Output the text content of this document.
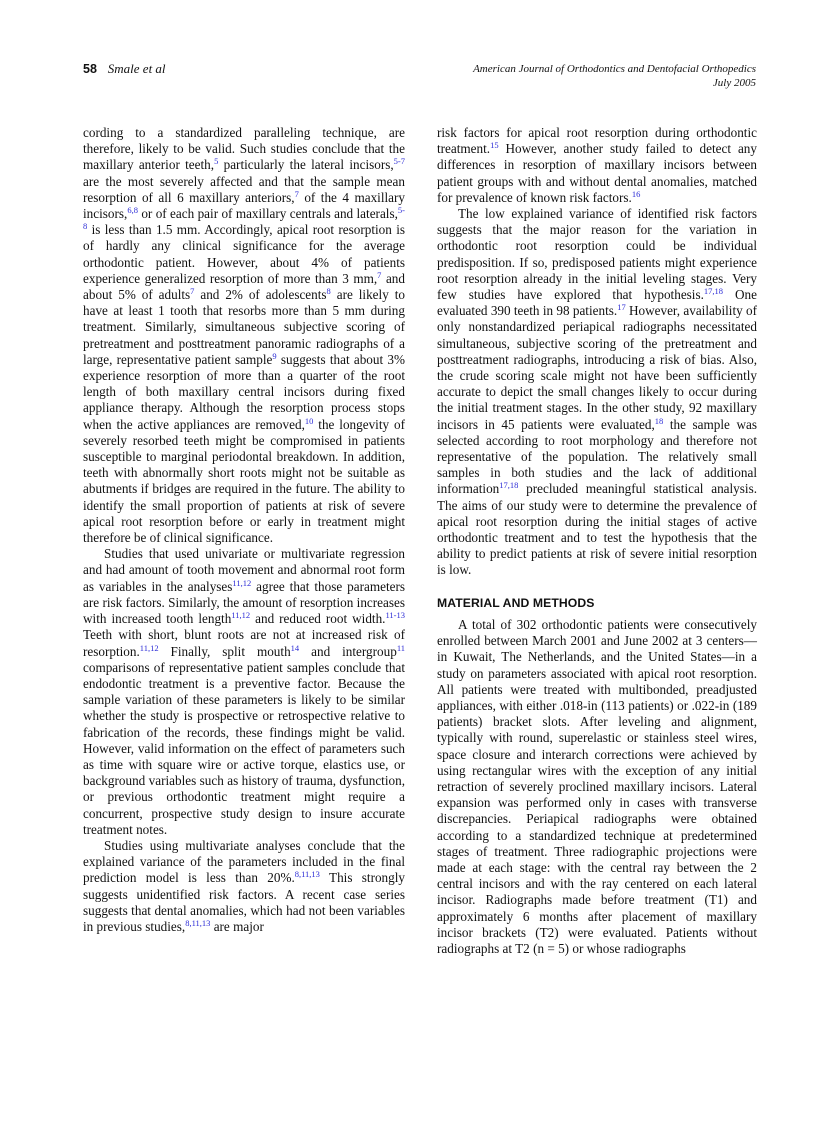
58 Smale et al	American Journal of Orthodontics and Dentofacial Orthopedics
July 2005

cording to a standardized paralleling technique, are therefore, likely to be valid. Such studies conclude that the maxillary anterior teeth,$^5$ particularly the lateral incisors,$^{5-7}$ are the most severely affected and that the sample mean resorption of all 6 maxillary anteriors,$^7$ of the 4 maxillary incisors,$^{6,8}$ or of each pair of maxillary centrals and laterals,$^{5-8}$ is less than 1.5 mm. Accordingly, apical root resorption is of hardly any clinical significance for the average orthodontic patient. However, about 4% of patients experience generalized resorption of more than 3 mm,$^7$ and about 5% of adults$^7$ and 2% of adolescents$^8$ are likely to have at least 1 tooth that resorbs more than 5 mm during treatment. Similarly, simultaneous subjective scoring of pretreatment and posttreatment panoramic radiographs of a large, representative patient sample$^9$ suggests that about 3% experience resorption of more than a quarter of the root length of both maxillary central incisors during fixed appliance therapy. Although the resorption process stops when the active appliances are removed,$^{10}$ the longevity of severely resorbed teeth might be compromised in patients susceptible to marginal periodontal breakdown. In addition, teeth with abnormally short roots might not be suitable as abutments if bridges are required in the future. The ability to identify the small proportion of patients at risk of severe apical root resorption before or early in treatment might therefore be of clinical significance.

Studies that used univariate or multivariate regression and had amount of tooth movement and abnormal root form as variables in the analyses$^{11,12}$ agree that those parameters are risk factors. Similarly, the amount of resorption increases with increased tooth length$^{11,12}$ and reduced root width.$^{11-13}$ Teeth with short, blunt roots are not at increased risk of resorption.$^{11,12}$ Finally, split mouth$^{14}$ and intergroup$^{11}$ comparisons of representative patient samples conclude that endodontic treatment is a preventive factor. Because the sample variation of these parameters is likely to be similar whether the study is prospective or retrospective relative to fabrication of the records, these findings might be valid. However, valid information on the effect of parameters such as time with square wire or active torque, elastics use, or background variables such as history of trauma, dysfunction, or previous orthodontic treatment might require a concurrent, prospective study design to insure accurate treatment notes.

Studies using multivariate analyses conclude that the explained variance of the parameters included in the final prediction model is less than 20%.$^{8,11,13}$ This strongly suggests unidentified risk factors. A recent case series suggests that dental anomalies, which had not been variables in previous studies,$^{8,11,13}$ are major

risk factors for apical root resorption during orthodontic treatment.$^{15}$ However, another study failed to detect any differences in resorption of maxillary incisors between patient groups with and without dental anomalies, matched for prevalence of known risk factors.$^{16}$

The low explained variance of identified risk factors suggests that the major reason for the variation in orthodontic root resorption could be individual predisposition. If so, predisposed patients might experience root resorption already in the initial leveling stages. Very few studies have explored that hypothesis.$^{17,18}$ One evaluated 390 teeth in 98 patients.$^{17}$ However, availability of only nonstandardized periapical radiographs necessitated simultaneous, subjective scoring of the pretreatment and posttreatment radiographs, introducing a risk of bias. Also, the crude scoring scale might not have been sufficiently accurate to depict the small changes likely to occur during the initial treatment stages. In the other study, 92 maxillary incisors in 45 patients were evaluated,$^{18}$ the sample was selected according to root morphology and therefore not representative of the population. The relatively small samples in both studies and the lack of additional information$^{17,18}$ precluded meaningful statistical analysis. The aims of our study were to determine the prevalence of apical root resorption during the initial stages of active orthodontic treatment and to test the hypothesis that the ability to predict patients at risk of severe initial resorption is low.

MATERIAL AND METHODS

A total of 302 orthodontic patients were consecutively enrolled between March 2001 and June 2002 at 3 centers—in Kuwait, The Netherlands, and the United States—in a study on parameters associated with apical root resorption. All patients were treated with multibonded, preadjusted appliances, with either .018-in (113 patients) or .022-in (189 patients) bracket slots. After leveling and alignment, typically with round, superelastic or stainless steel wires, space closure and interarch corrections were achieved by using rectangular wires with the exception of any initial retraction of severely proclined maxillary incisors. Lateral expansion was performed only in cases with transverse discrepancies. Periapical radiographs were obtained according to a standardized technique at predetermined stages of treatment. Three radiographic projections were made at each stage: with the central ray between the 2 central incisors and with the ray centered on each lateral incisor. Radiographs made before treatment (T1) and approximately 6 months after placement of maxillary incisor brackets (T2) were evaluated. Patients without radiographs at T2 (n = 5) or whose radiographs
